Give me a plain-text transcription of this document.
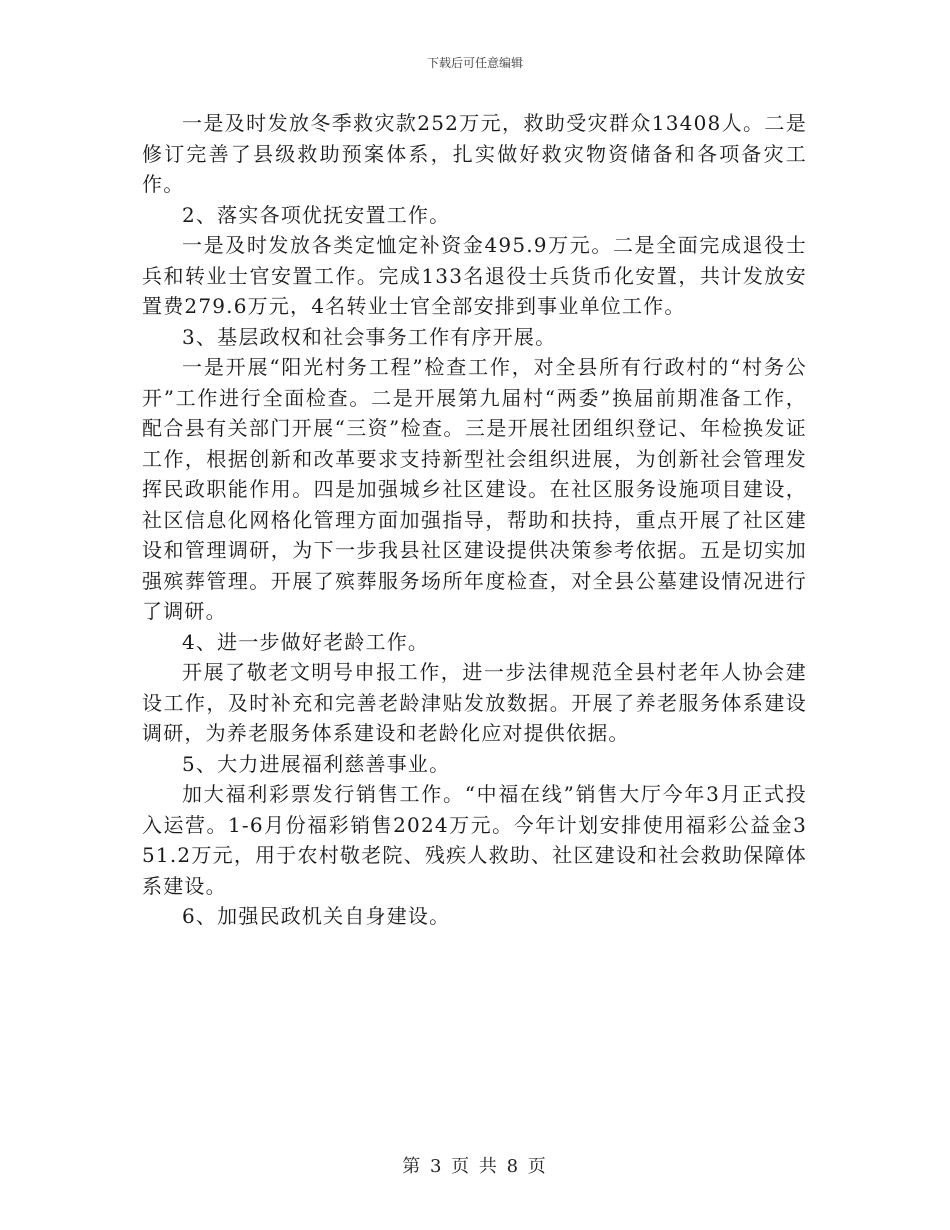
下载后可任意编辑

一是及时发放冬季救灾款252万元，救助受灾群众13408人。二是修订完善了县级救助预案体系，扎实做好救灾物资储备和各项备灾工作。

2、落实各项优抚安置工作。

一是及时发放各类定恤定补资金495.9万元。二是全面完成退役士兵和转业士官安置工作。完成133名退役士兵货币化安置，共计发放安置费279.6万元，4名转业士官全部安排到事业单位工作。

3、基层政权和社会事务工作有序开展。

一是开展“阳光村务工程”检查工作，对全县所有行政村的“村务公开”工作进行全面检查。二是开展第九届村“两委”换届前期准备工作，配合县有关部门开展“三资”检查。三是开展社团组织登记、年检换发证工作，根据创新和改革要求支持新型社会组织进展，为创新社会管理发挥民政职能作用。四是加强城乡社区建设。在社区服务设施项目建设，社区信息化网格化管理方面加强指导，帮助和扶持，重点开展了社区建设和管理调研，为下一步我县社区建设提供决策参考依据。五是切实加强殡葬管理。开展了殡葬服务场所年度检查，对全县公墓建设情况进行了调研。

4、进一步做好老龄工作。

开展了敬老文明号申报工作，进一步法律规范全县村老年人协会建设工作，及时补充和完善老龄津贴发放数据。开展了养老服务体系建设调研，为养老服务体系建设和老龄化应对提供依据。

5、大力进展福利慈善事业。

加大福利彩票发行销售工作。“中福在线”销售大厅今年3月正式投入运营。1-6月份福彩销售2024万元。今年计划安排使用福彩公益金351.2万元，用于农村敬老院、残疾人救助、社区建设和社会救助保障体系建设。

6、加强民政机关自身建设。

第 3 页 共 8 页
